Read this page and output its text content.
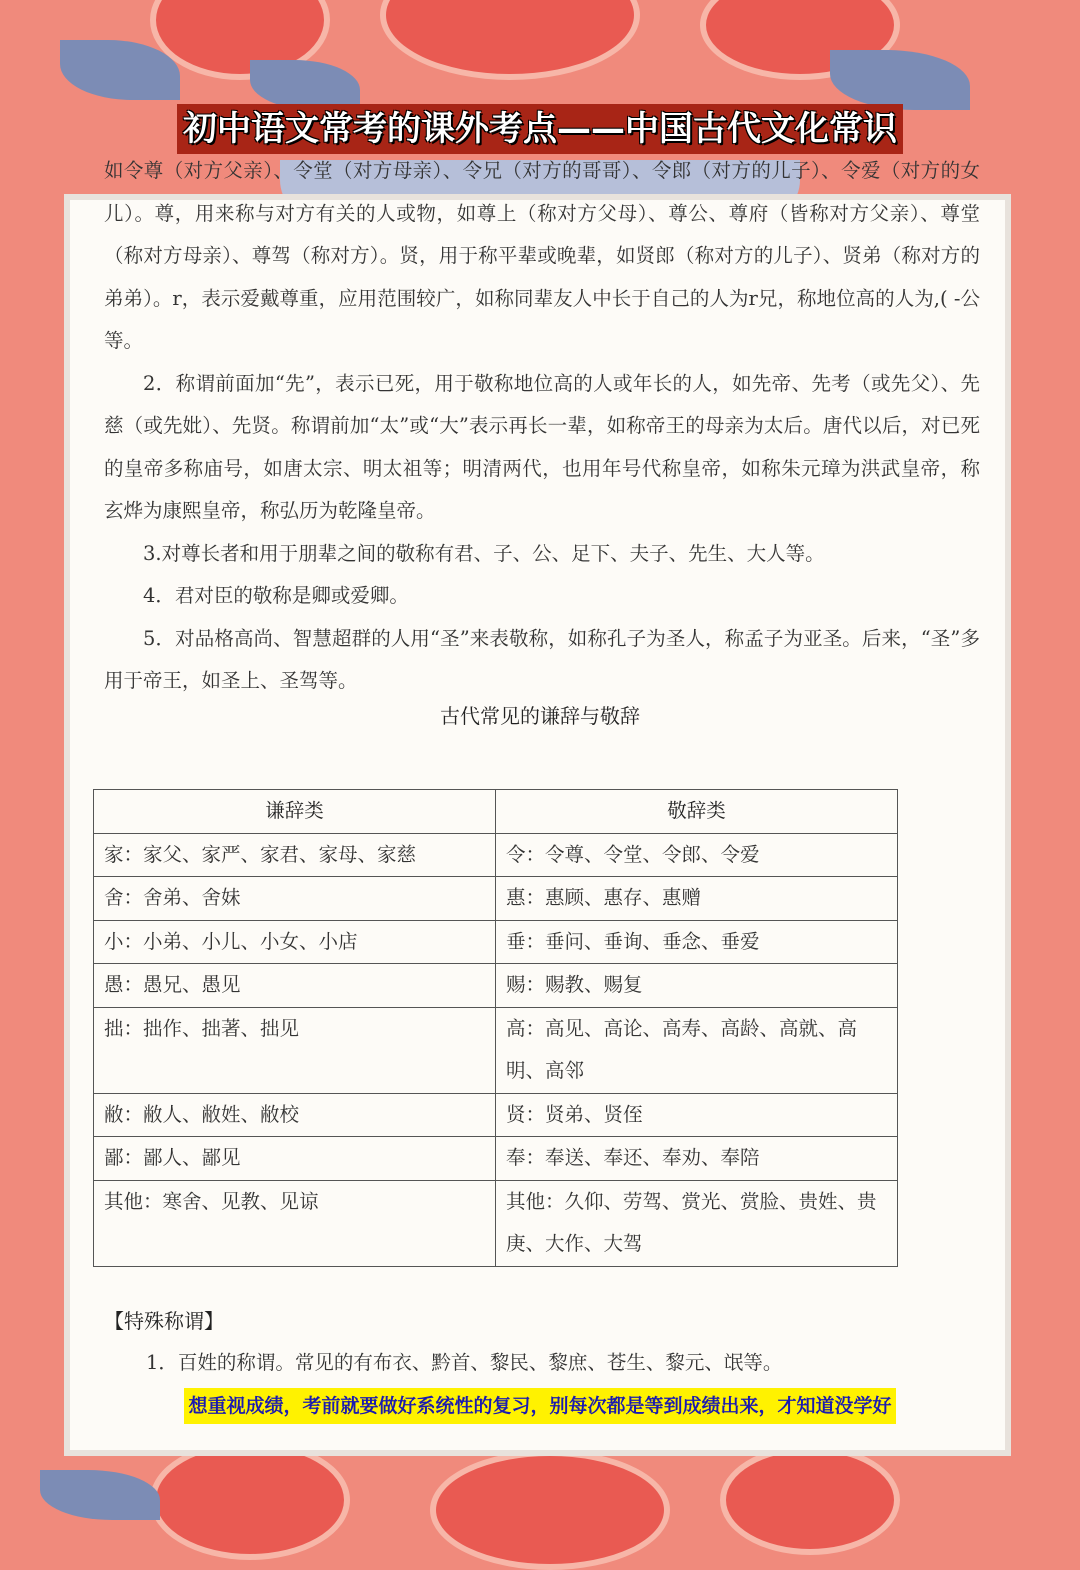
初中语文常考的课外考点——中国古代文化常识

如令尊（对方父亲）、令堂（对方母亲）、令兄（对方的哥哥）、令郎（对方的儿子）、令爱（对方的女儿）。尊，用来称与对方有关的人或物，如尊上（称对方父母）、尊公、尊府（皆称对方父亲）、尊堂（称对方母亲）、尊驾（称对方）。贤，用于称平辈或晚辈，如贤郎（称对方的儿子）、贤弟（称对方的弟弟）。r，表示爱戴尊重，应用范围较广，如称同辈友人中长于自己的人为r兄，称地位高的人为,( -公等。

2．称谓前面加“先”，表示已死，用于敬称地位高的人或年长的人，如先帝、先考（或先父）、先慈（或先妣）、先贤。称谓前加“太”或“大”表示再长一辈，如称帝王的母亲为太后。唐代以后，对已死的皇帝多称庙号，如唐太宗、明太祖等；明清两代，也用年号代称皇帝，如称朱元璋为洪武皇帝，称玄烨为康熙皇帝，称弘历为乾隆皇帝。

3.对尊长者和用于朋辈之间的敬称有君、子、公、足下、夫子、先生、大人等。

4．君对臣的敬称是卿或爱卿。

5．对品格高尚、智慧超群的人用“圣”来表敬称，如称孔子为圣人，称孟子为亚圣。后来，“圣”多用于帝王，如圣上、圣驾等。

古代常见的谦辞与敬辞
谦辞类	敬辞类
家：家父、家严、家君、家母、家慈	令：令尊、令堂、令郎、令爱
舍：舍弟、舍妹	惠：惠顾、惠存、惠赠
小：小弟、小儿、小女、小店	垂：垂问、垂询、垂念、垂爱
愚：愚兄、愚见	赐：赐教、赐复
拙：拙作、拙著、拙见	高：高见、高论、高寿、高龄、高就、高明、高邻
敝：敝人、敝姓、敝校	贤：贤弟、贤侄
鄙：鄙人、鄙见	奉：奉送、奉还、奉劝、奉陪
其他：寒舍、见教、见谅	其他：久仰、劳驾、赏光、赏脸、贵姓、贵庚、大作、大驾
【特殊称谓】
1．百姓的称谓。常见的有布衣、黔首、黎民、黎庶、苍生、黎元、氓等。
想重视成绩，考前就要做好系统性的复习，别每次都是等到成绩出来，才知道没学好
